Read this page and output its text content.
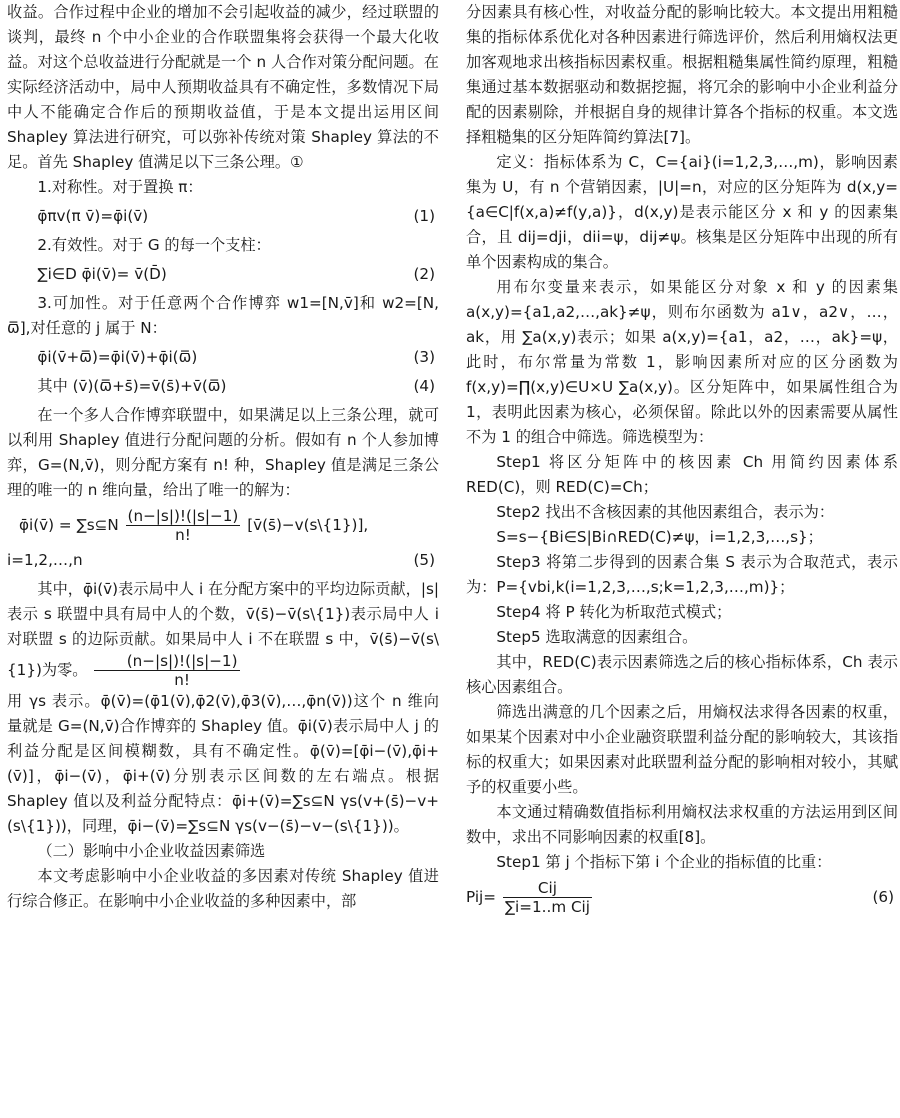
收益。合作过程中企业的增加不会引起收益的减少，经过联盟的谈判，最终 n 个中小企业的合作联盟集将会获得一个最大化收益。对这个总收益进行分配就是一个 n 人合作对策分配问题。在实际经济活动中，局中人预期收益具有不确定性，多数情况下局中人不能确定合作后的预期收益值，于是本文提出运用区间 Shapley 算法进行研究，可以弥补传统对策 Shapley 算法的不足。首先 Shapley 值满足以下三条公理。①

1.对称性。对于置换 π：

φ̄πv(π v̄)=φ̄i(v̄)	(1)

2.有效性。对于 G 的每一个支柱：

∑i∈D φ̄i(v̄)= v̄(D̄)	(2)

3.可加性。对于任意两个合作博弈 w1=[N,v̄]和 w2=[N, ω̿],对任意的 j 属于 N：

φ̄i(v̄+ω̿)=φ̄i(v̄)+φ̄i(ω̿)	(3)
其中 (v̄)(ω̿+s̄)=v̄(s̄)+v̄(ω̿)	(4)

在一个多人合作博弈联盟中，如果满足以上三条公理，就可以利用 Shapley 值进行分配问题的分析。假如有 n 个人参加博弈，G=(N,v̄)，则分配方案有 n! 种，Shapley 值是满足三条公理的唯一的 n 维向量，给出了唯一的解为：

φ̄i(v̄) = ∑s⊆N $\frac{(n-|s|)!(|s|-1)}{n!}$ [v̄(s̄)−v(s\{1})],
i=1,2,…,n	(5)

其中，φ̄i(v̄)表示局中人 i 在分配方案中的平均边际贡献，|s|表示 s 联盟中具有局中人的个数，v̄(s̄)−v̄(s\{1})表示局中人 i 对联盟 s 的边际贡献。如果局中人 i 不在联盟 s 中，v̄(s̄)−v̄(s\{1})为零。 $\frac{(n-|s|)!(|s|-1)}{n!}$

用 γs 表示。φ̄(v̄)=(φ̄1(v̄),φ̄2(v̄),φ̄3(v̄),…,φ̄n(v̄))这个 n 维向量就是 G=(N,v̄)合作博弈的 Shapley 值。φ̄i(v̄)表示局中人 j 的利益分配是区间模糊数，具有不确定性。φ̄(v̄)=[φ̄i−(v̄),φ̄i+(v̄)]，φ̄i−(v̄)，φ̄i+(v̄)分别表示区间数的左右端点。根据 Shapley 值以及利益分配特点：φ̄i+(v̄)=∑s⊆N γs(v+(s̄)−v+(s\{1}))，同理，φ̄i−(v̄)=∑s⊆N γs(v−(s̄)−v−(s\{1}))。

（二）影响中小企业收益因素筛选

本文考虑影响中小企业收益的多因素对传统 Shapley 值进行综合修正。在影响中小企业收益的多种因素中，部

分因素具有核心性，对收益分配的影响比较大。本文提出用粗糙集的指标体系优化对各种因素进行筛选评价，然后利用熵权法更加客观地求出核指标因素权重。根据粗糙集属性简约原理，粗糙集通过基本数据驱动和数据挖掘，将冗余的影响中小企业利益分配的因素剔除，并根据自身的规律计算各个指标的权重。本文选择粗糙集的区分矩阵简约算法[7]。

定义：指标体系为 C，C={ai}(i=1,2,3,…,m)，影响因素集为 U，有 n 个营销因素，|U|=n，对应的区分矩阵为 d(x,y={a∈C|f(x,a)≠f(y,a)}，d(x,y)是表示能区分 x 和 y 的因素集合，且 dij=dji，dii=ψ，dij≠ψ。核集是区分矩阵中出现的所有单个因素构成的集合。

用布尔变量来表示，如果能区分对象 x 和 y 的因素集 a(x,y)={a1,a2,…,ak}≠ψ，则布尔函数为 a1∨，a2∨，…，ak，用 ∑a(x,y)表示；如果 a(x,y)={a1，a2，…，ak}=ψ，此时，布尔常量为常数 1，影响因素所对应的区分函数为 f(x,y)=∏(x,y)∈U×U ∑a(x,y)。区分矩阵中，如果属性组合为 1，表明此因素为核心，必须保留。除此以外的因素需要从属性不为 1 的组合中筛选。筛选模型为：

Step1 将区分矩阵中的核因素 Ch 用简约因素体系 RED(C)，则 RED(C)=Ch；

Step2 找出不含核因素的其他因素组合，表示为：

S=s−{Bi∈S|Bi∩RED(C)≠ψ，i=1,2,3,…,s}；

Step3 将第二步得到的因素合集 S 表示为合取范式，表示为：P={vbi,k(i=1,2,3,…,s;k=1,2,3,…,m)}；

Step4 将 P 转化为析取范式模式；

Step5 选取满意的因素组合。

其中，RED(C)表示因素筛选之后的核心指标体系，Ch 表示核心因素组合。

筛选出满意的几个因素之后，用熵权法求得各因素的权重，如果某个因素对中小企业融资联盟利益分配的影响较大，其该指标的权重大；如果因素对此联盟利益分配的影响相对较小，其赋予的权重要小些。

本文通过精确数值指标利用熵权法求权重的方法运用到区间数中，求出不同影响因素的权重[8]。

Step1 第 j 个指标下第 i 个企业的指标值的比重：

$Pij= \frac{\text{Cij}}{\text{∑i=1..m Cij}}$	(6)
